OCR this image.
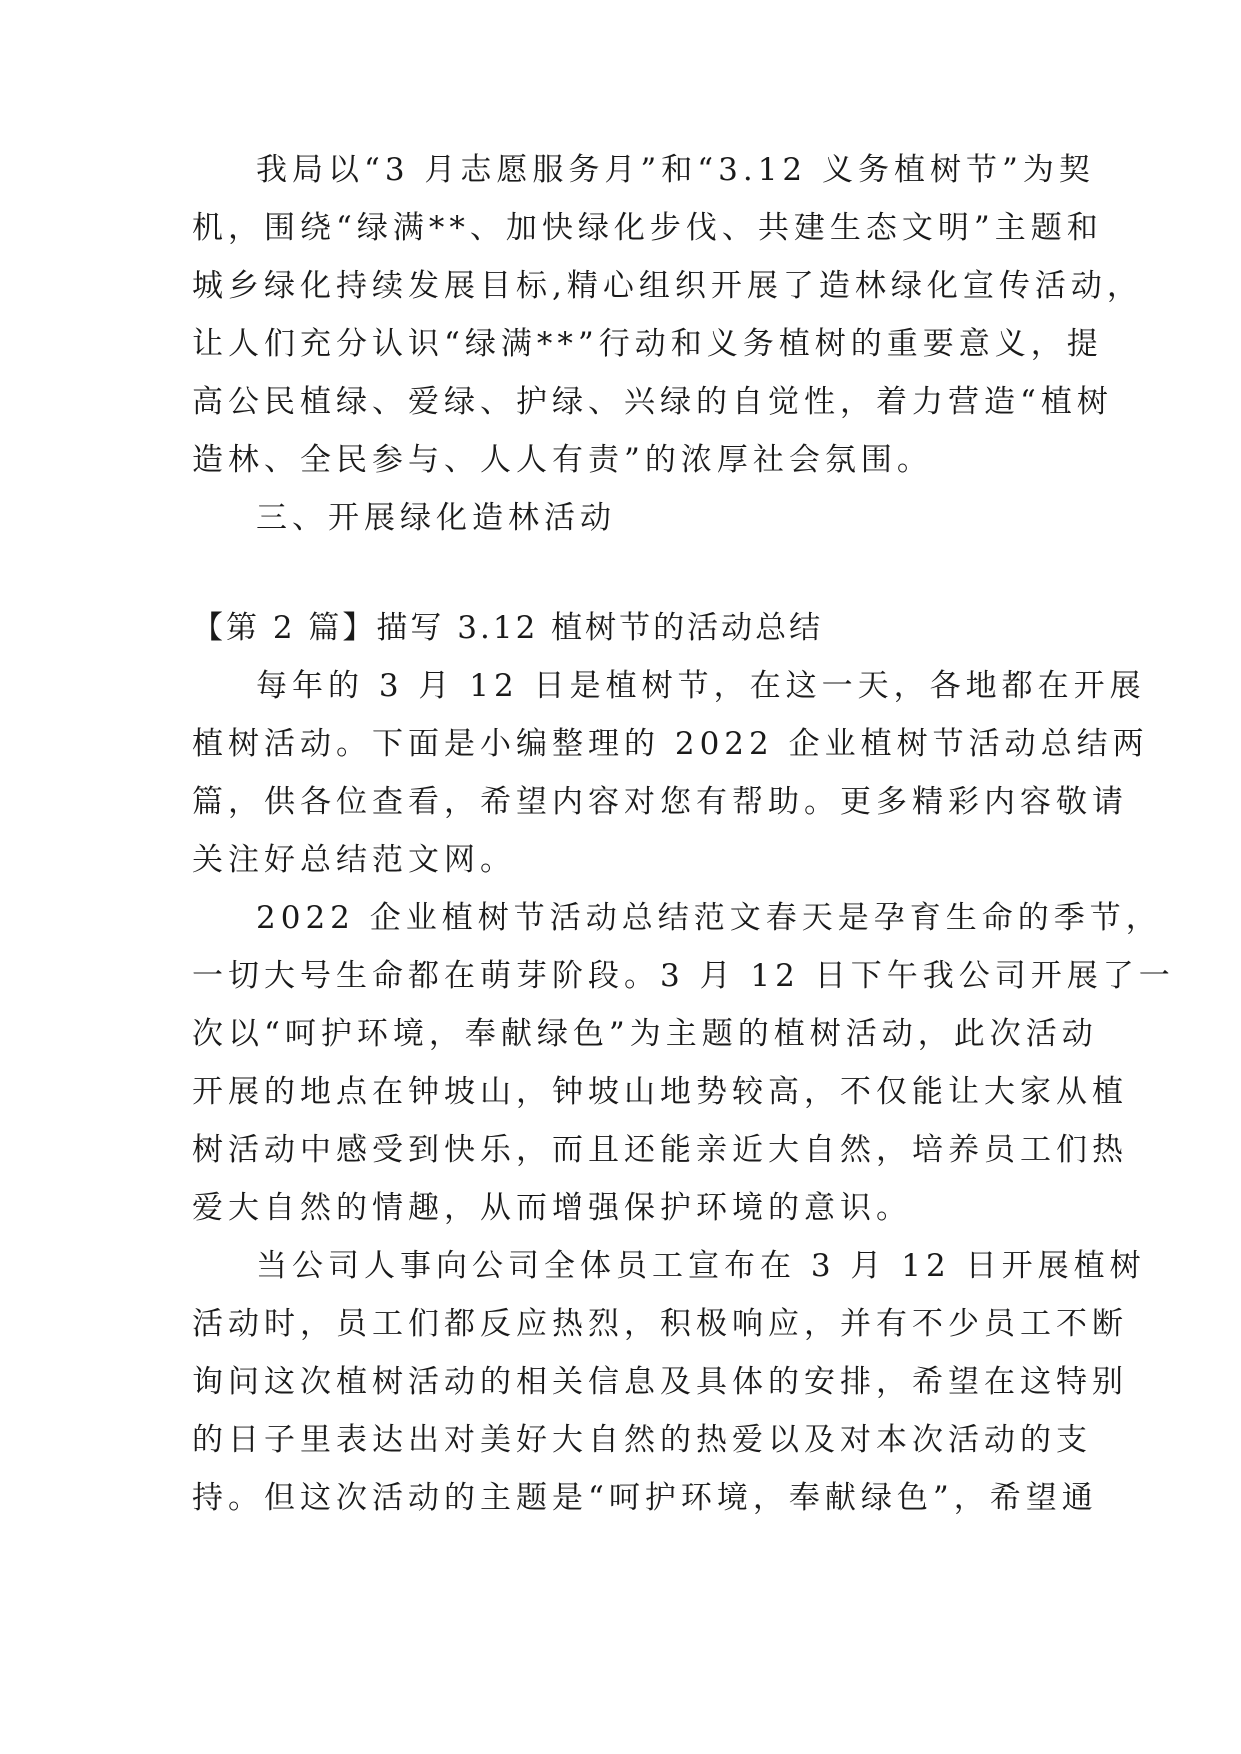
我局以“3 月志愿服务月”和“3.12 义务植树节”为契

机，围绕“绿满**、加快绿化步伐、共建生态文明”主题和

城乡绿化持续发展目标,精心组织开展了造林绿化宣传活动，

让人们充分认识“绿满**”行动和义务植树的重要意义，提

高公民植绿、爱绿、护绿、兴绿的自觉性，着力营造“植树

造林、全民参与、人人有责”的浓厚社会氛围。

三、开展绿化造林活动

【第 2 篇】描写 3.12 植树节的活动总结

每年的 3 月 12 日是植树节，在这一天，各地都在开展

植树活动。下面是小编整理的 2022 企业植树节活动总结两

篇，供各位查看，希望内容对您有帮助。更多精彩内容敬请

关注好总结范文网。

2022 企业植树节活动总结范文春天是孕育生命的季节，

一切大号生命都在萌芽阶段。3 月 12 日下午我公司开展了一

次以“呵护环境，奉献绿色”为主题的植树活动，此次活动

开展的地点在钟坡山，钟坡山地势较高，不仅能让大家从植

树活动中感受到快乐，而且还能亲近大自然，培养员工们热

爱大自然的情趣，从而增强保护环境的意识。

当公司人事向公司全体员工宣布在 3 月 12 日开展植树

活动时，员工们都反应热烈，积极响应，并有不少员工不断

询问这次植树活动的相关信息及具体的安排，希望在这特别

的日子里表达出对美好大自然的热爱以及对本次活动的支

持。但这次活动的主题是“呵护环境，奉献绿色”，希望通
